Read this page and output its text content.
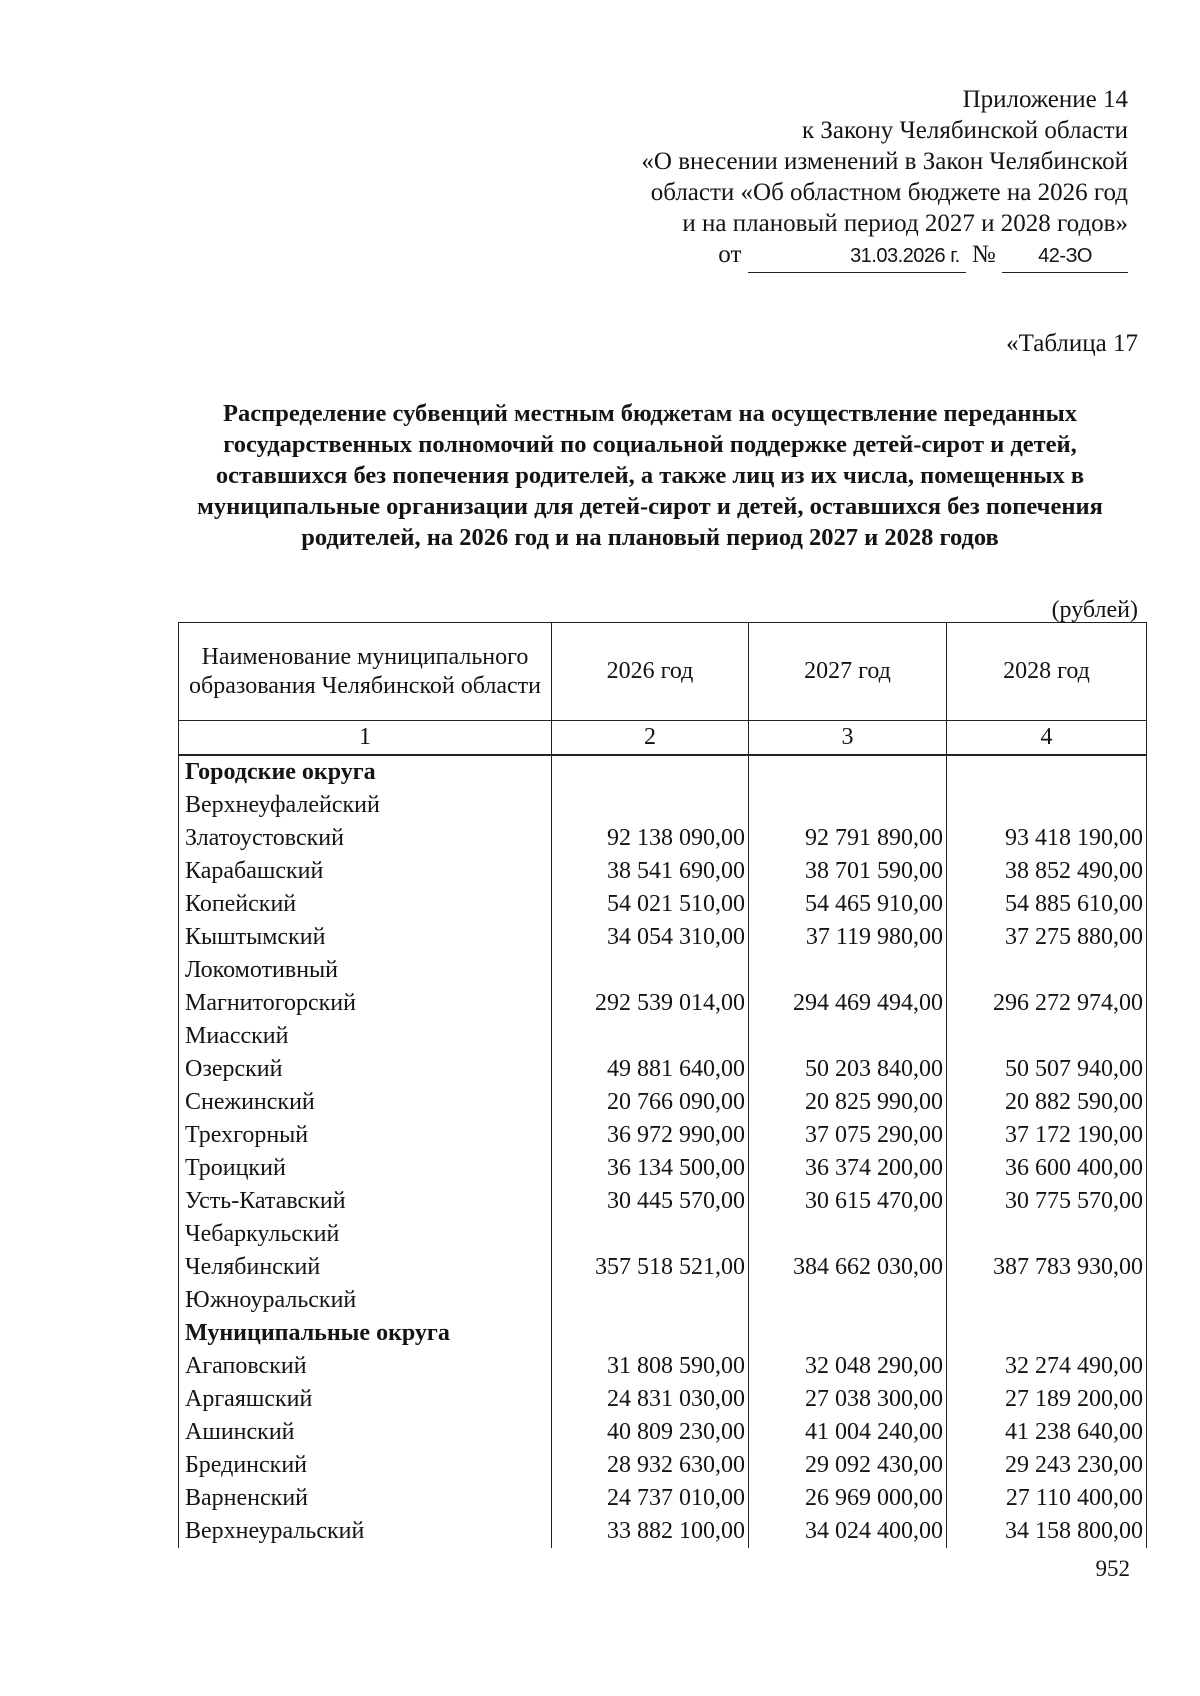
Приложение 14
к Закону Челябинской области
«О внесении изменений в Закон Челябинской
области «Об областном бюджете на 2026 год
и на плановый период 2027 и 2028 годов»
от	31.03.2026 г. № 42-ЗО
«Таблица 17
Распределение субвенций местным бюджетам на осуществление переданных
государственных полномочий по социальной поддержке детей-сирот и детей,
оставшихся без попечения родителей, а также лиц из их числа, помещенных в
муниципальные организации для детей-сирот и детей, оставшихся без попечения
родителей, на 2026 год и на плановый период 2027 и 2028 годов
(рублей)
Наименование муниципального образования Челябинской области	2026 год	2027 год	2028 год
1	2	3	4
Городские округа			
Верхнеуфалейский			
Златоустовский	92 138 090,00	92 791 890,00	93 418 190,00
Карабашский	38 541 690,00	38 701 590,00	38 852 490,00
Копейский	54 021 510,00	54 465 910,00	54 885 610,00
Кыштымский	34 054 310,00	37 119 980,00	37 275 880,00
Локомотивный			
Магнитогорский	292 539 014,00	294 469 494,00	296 272 974,00
Миасский			
Озерский	49 881 640,00	50 203 840,00	50 507 940,00
Снежинский	20 766 090,00	20 825 990,00	20 882 590,00
Трехгорный	36 972 990,00	37 075 290,00	37 172 190,00
Троицкий	36 134 500,00	36 374 200,00	36 600 400,00
Усть-Катавский	30 445 570,00	30 615 470,00	30 775 570,00
Чебаркульский			
Челябинский	357 518 521,00	384 662 030,00	387 783 930,00
Южноуральский			
Муниципальные округа			
Агаповский	31 808 590,00	32 048 290,00	32 274 490,00
Аргаяшский	24 831 030,00	27 038 300,00	27 189 200,00
Ашинский	40 809 230,00	41 004 240,00	41 238 640,00
Брединский	28 932 630,00	29 092 430,00	29 243 230,00
Варненский	24 737 010,00	26 969 000,00	27 110 400,00
Верхнеуральский	33 882 100,00	34 024 400,00	34 158 800,00
952
